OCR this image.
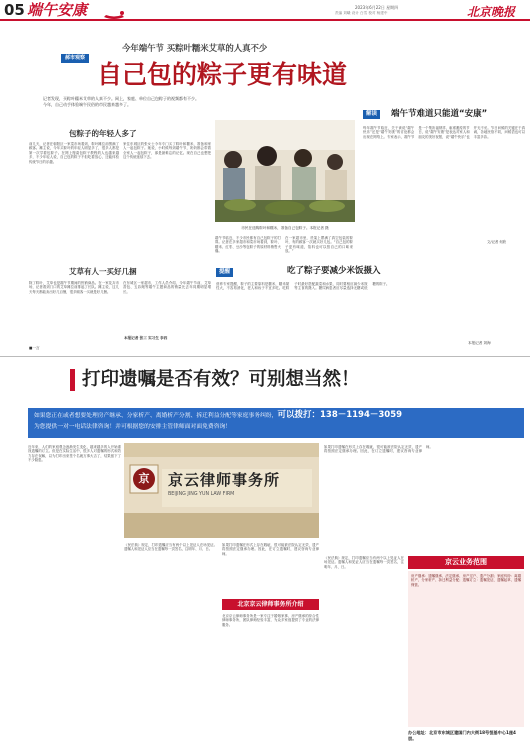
05 端午安康	2023年6月22日 星期四
责编 刘曦 设计 白雪 校对 杨建中	北京晚报
郝市观察
今年端午节 买粽叶糯米艾草的人真不少
自己包的粽子更有味道
记者发现，买粽叶糯米艾草的人真不少。网上，家庭、单位自己包粽子的视频都有不少。
今年，自己动手体验端午民俗的市民越来越多了。
解读	端午节难道只能道“安康”
每年端午节临近，关于该说“端午快乐”还是“端午安康”的讨论都会出现在网络上。专家表示，端午节是一个集祈福纳祥、驱邪避疫的节日，说“端午安康”是表达对家人和朋友的美好祝愿，说“端午快乐”也并无不妥。节日问候的关键在于真诚，各地民俗不同，问候语也可以丰富多彩。
文/记者 何欣
包粽子的年轻人多了
前几天，记者在朝阳区一家菜市场看到，粽叶摊位前围满了顾客。摊主说，今年买粽叶的年轻人明显多了，很多人都是第一次学着包粽子。在网上搜索包粽子教程的人也越来越多，不少年轻人说，自己包的粽子不但吃着放心，还能体验传统节日的乐趣。
家住东城区的张女士今年专门买了粽叶和糯米，准备和家人一起包粽子。她说，小时候每到端午节，奶奶都会带着全家人一起包粽子，那是最难忘的记忆。现在自己也想把这个传统延续下去。
市民在选购粽叶和糯米，准备自己包粽子。本报记者 摄
端午节临近，不少市民都有自己包粽子的打算。记者在多家超市和菜市场看到，粽叶、糯米、红枣、豆沙等包粽子的原材料销售火爆。
在一家超市里，货架上摆满了真空包装的粽叶，有的顾客一次就买好几包。“自己包的粽子更有味道，馅料也可以按自己的口味来放。”
艾草有人一买好几捆
除了粽叶，艾草也是端午节期间的热销商品。在一家花卉市场，记者看到门口的艾草摊位前排起了长队。摊主说，这几天每天都能卖出好几百捆，很多顾客一买就是好几捆。
在东城区一家超市，工作人员介绍，今年端午节前，艾草香包、五彩绳等端午主题商品的销量比去年同期明显增长。
本报记者 张三 实习生 李四
■一言
提醒	吃了粽子要减少米饭摄入
营养专家提醒，粽子的主要原料是糯米，糯米黏性大，不容易消化，老人和孩子不宜多吃。吃粽子时最好搭配蔬菜和水果，同时要相应减少米饭等主食的摄入。糖尿病患者应尽量选择无糖或低糖的粽子。
本报记者 刘海
打印遗嘱是否有效？可别想当然！
如果您正在或者想要处理房产继承、分家析产、离婚析产分割、拆迁利益分配等家庭事务纠纷，可以拨打：138－1194－3059
为您提供一对一电话法律咨询！并可根据您的安排主管律师面对面免费咨询！
近年来，人们的家庭观念逐渐发生变化，越来越多的人开始重视遗嘱的订立。但是在实际生活中，很多人对遗嘱的形式和效力存在误解，以为打印出来签个名就万事大吉了，结果留下了不少隐患。
京	京云律师事务所
BEIJING JING YUN LAW FIRM
《民法典》规定，打印遗嘱应当有两个以上见证人在场见证。遗嘱人和见证人应当在遗嘱每一页签名，注明年、月、日。
如果打印遗嘱在形式上存在瑕疵，很可能被法院认定无效，遗产将按照法定继承办理。因此，在订立遗嘱时，建议咨询专业律师。
北京京云律师事务所介绍
北京京云律师事务所是一家专注于婚姻家事、房产继承的综合性律师事务所，团队律师经验丰富，为众多家庭提供了专业的法律服务。
如果打印遗嘱在形式上存在瑕疵，很可能被法院认定无效，遗产将按照法定继承办理。因此，在订立遗嘱时，建议咨询专业律师。
京云业务范围
房产继承：遗嘱继承、法定继承、房产过户、遗产分割；家庭纠纷：离婚析产、分家析产、拆迁利益分配；遗嘱订立：遗嘱见证、遗嘱起草、遗嘱保管。
《民法典》规定，打印遗嘱应当有两个以上见证人在场见证。遗嘱人和见证人应当在遗嘱每一页签名，注明年、月、日。
办公地址：北京市东城区建国门内大街18号恒基中心1座4层。
